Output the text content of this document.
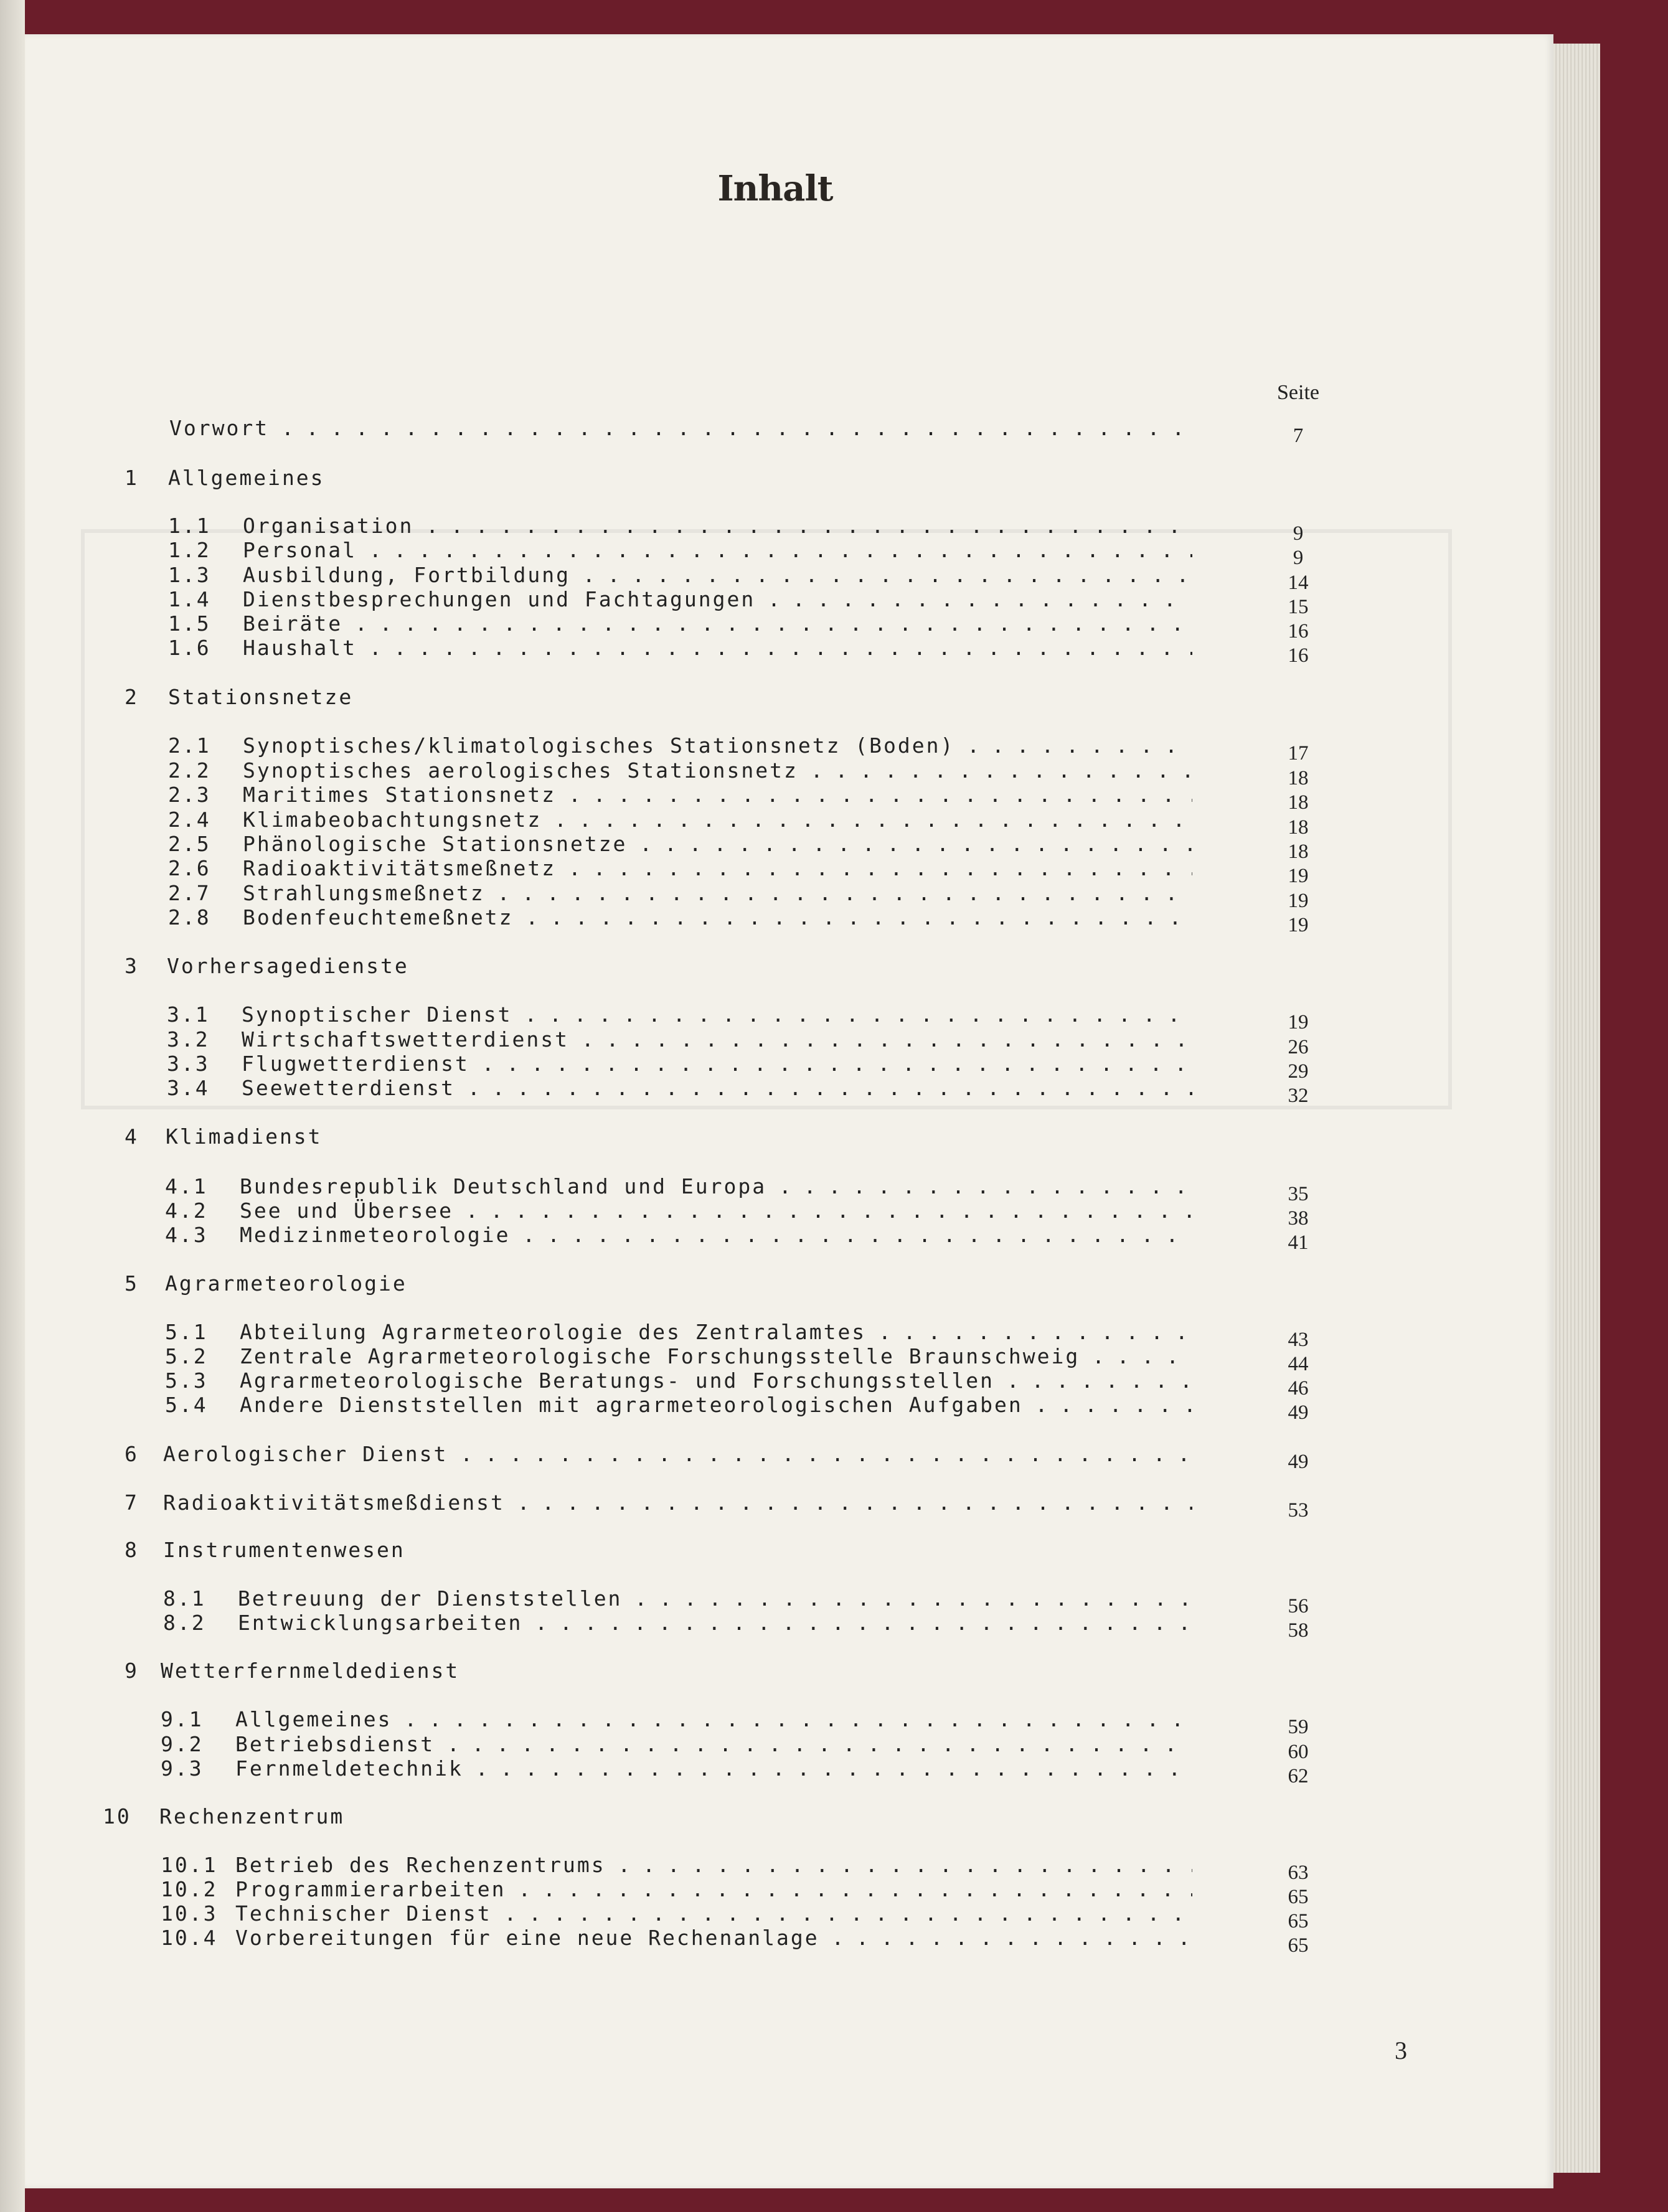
Inhalt
Seite
Vorwort . . .	7
1 Allgemeines
1.1 Organisation . . .	9
1.2 Personal . . .	9
1.3 Ausbildung, Fortbildung . . .	14
1.4 Dienstbesprechungen und Fachtagungen . . .	15
1.5 Beiräte . . .	16
1.6 Haushalt . . .	16
2 Stationsnetze
2.1 Synoptisches/klimatologisches Stationsnetz (Boden) . . .	17
2.2 Synoptisches aerologisches Stationsnetz . . .	18
2.3 Maritimes Stationsnetz . . .	18
2.4 Klimabeobachtungsnetz . . .	18
2.5 Phänologische Stationsnetze . . .	18
2.6 Radioaktivitätsmeßnetz . . .	19
2.7 Strahlungsmeßnetz . . .	19
2.8 Bodenfeuchtemeßnetz . . .	19
3 Vorhersagedienste
3.1 Synoptischer Dienst . . .	19
3.2 Wirtschaftswetterdienst . . .	26
3.3 Flugwetterdienst . . .	29
3.4 Seewetterdienst . . .	32
4 Klimadienst
4.1 Bundesrepublik Deutschland und Europa . . .	35
4.2 See und Übersee . . .	38
4.3 Medizinmeteorologie . . .	41
5 Agrarmeteorologie
5.1 Abteilung Agrarmeteorologie des Zentralamtes . . .	43
5.2 Zentrale Agrarmeteorologische Forschungsstelle Braunschweig . . .	44
5.3 Agrarmeteorologische Beratungs- und Forschungsstellen . . .	46
5.4 Andere Dienststellen mit agrarmeteorologischen Aufgaben . . .	49
6 Aerologischer Dienst . . .	49
7 Radioaktivitätsmeßdienst . . .	53
8 Instrumentenwesen
8.1 Betreuung der Dienststellen . . .	56
8.2 Entwicklungsarbeiten . . .	58
9 Wetterfernmeldedienst
9.1 Allgemeines . . .	59
9.2 Betriebsdienst . . .	60
9.3 Fernmeldetechnik . . .	62
10 Rechenzentrum
10.1 Betrieb des Rechenzentrums . . .	63
10.2 Programmierarbeiten . . .	65
10.3 Technischer Dienst . . .	65
10.4 Vorbereitungen für eine neue Rechenanlage . . .	65
3
